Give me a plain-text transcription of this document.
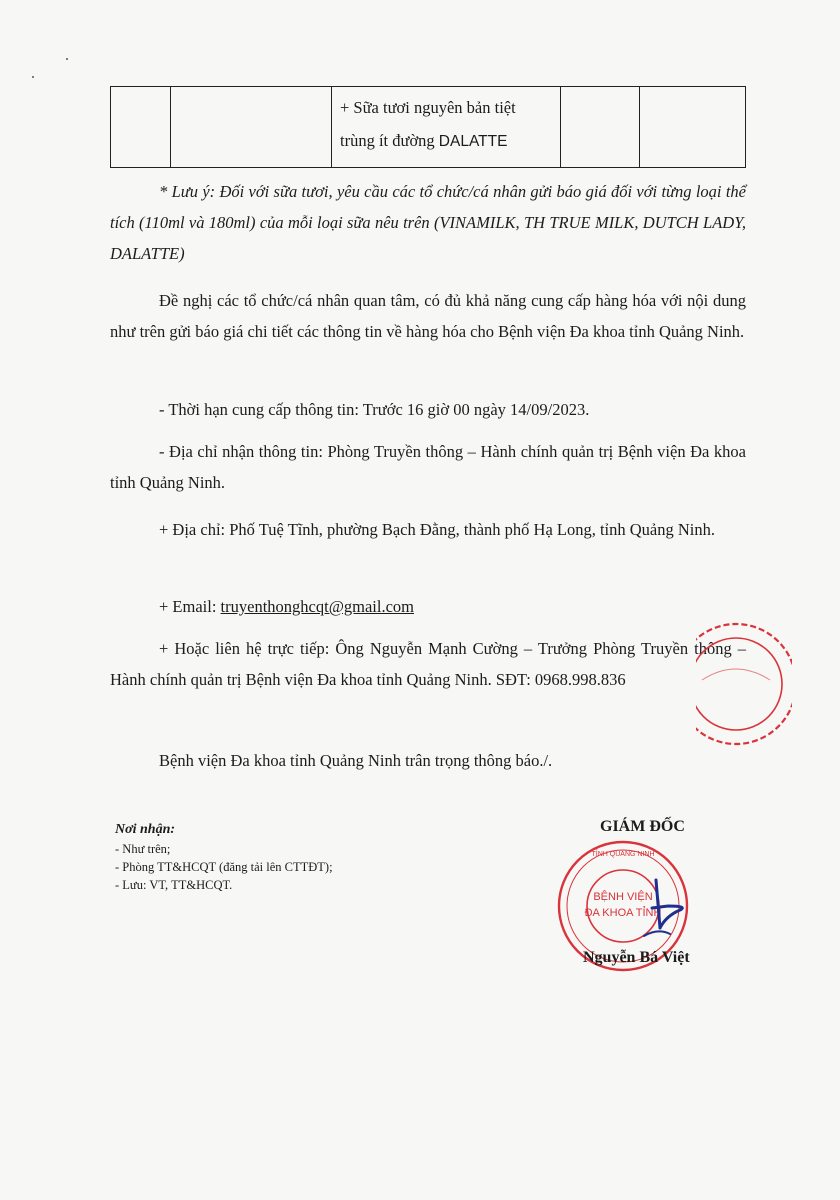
+ Sữa tươi nguyên bản tiệt
trùng ít đường DALATTE

* Lưu ý: Đối với sữa tươi, yêu cầu các tổ chức/cá nhân gửi báo giá đối với từng loại thể tích (110ml và 180ml) của mỗi loại sữa nêu trên (VINAMILK, TH TRUE MILK, DUTCH LADY, DALATTE)
Đề nghị các tổ chức/cá nhân quan tâm, có đủ khả năng cung cấp hàng hóa với nội dung như trên gửi báo giá chi tiết các thông tin về hàng hóa cho Bệnh viện Đa khoa tỉnh Quảng Ninh.
- Thời hạn cung cấp thông tin: Trước 16 giờ 00 ngày 14/09/2023.
- Địa chỉ nhận thông tin: Phòng Truyền thông – Hành chính quản trị Bệnh viện Đa khoa tỉnh Quảng Ninh.
+ Địa chỉ: Phố Tuệ Tĩnh, phường Bạch Đằng, thành phố Hạ Long, tỉnh Quảng Ninh.
+ Email: truyenthonghcqt@gmail.com
+ Hoặc liên hệ trực tiếp: Ông Nguyễn Mạnh Cường – Trưởng Phòng Truyền thông – Hành chính quản trị Bệnh viện Đa khoa tỉnh Quảng Ninh. SĐT: 0968.998.836
Bệnh viện Đa khoa tỉnh Quảng Ninh trân trọng thông báo./.
Nơi nhận:
- Như trên;
- Phòng TT&HCQT (đăng tải lên CTTĐT);
- Lưu: VT, TT&HCQT.
GIÁM ĐỐC
BỆNH VIỆN
ĐA KHOA TỈNH
TỈNH QUẢNG NINH
Nguyễn Bá Việt
